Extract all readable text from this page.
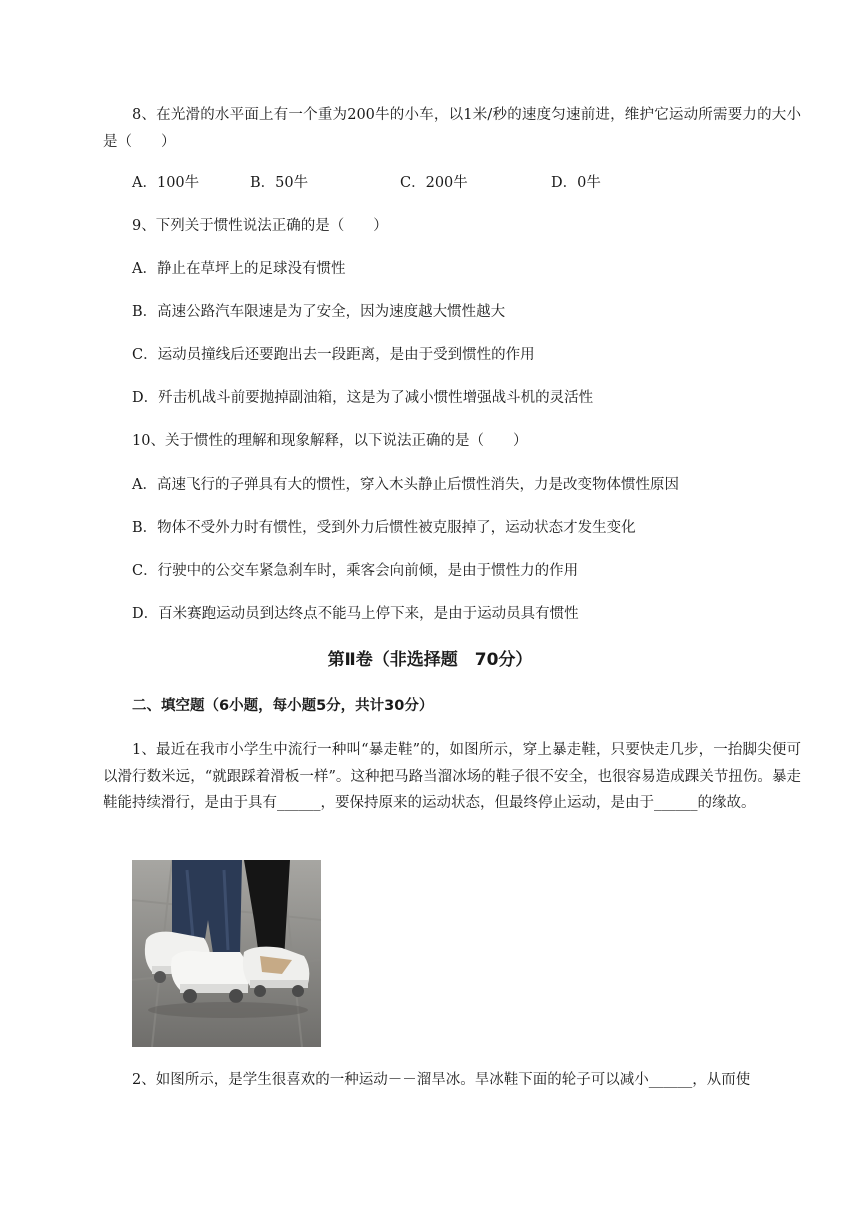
8、在光滑的水平面上有一个重为200牛的小车，以1米/秒的速度匀速前进，维护它运动所需要力的大小是（　　）
A．100牛	B．50牛	C．200牛	D．0牛
9、下列关于惯性说法正确的是（　　）
A．静止在草坪上的足球没有惯性
B．高速公路汽车限速是为了安全，因为速度越大惯性越大
C．运动员撞线后还要跑出去一段距离，是由于受到惯性的作用
D．歼击机战斗前要抛掉副油箱，这是为了减小惯性增强战斗机的灵活性
10、关于惯性的理解和现象解释，以下说法正确的是（　　）
A．高速飞行的子弹具有大的惯性，穿入木头静止后惯性消失，力是改变物体惯性原因
B．物体不受外力时有惯性，受到外力后惯性被克服掉了，运动状态才发生变化
C．行驶中的公交车紧急刹车时，乘客会向前倾，是由于惯性力的作用
D．百米赛跑运动员到达终点不能马上停下来，是由于运动员具有惯性
第Ⅱ卷（非选择题　70分）
二、填空题（6小题，每小题5分，共计30分）
1、最近在我市小学生中流行一种叫“暴走鞋”的，如图所示，穿上暴走鞋，只要快走几步，一抬脚尖便可以滑行数米远，“就跟踩着滑板一样”。这种把马路当溜冰场的鞋子很不安全，也很容易造成踝关节扭伤。暴走鞋能持续滑行，是由于具有______，要保持原来的运动状态，但最终停止运动，是由于______的缘故。
2、如图所示，是学生很喜欢的一种运动－－溜旱冰。旱冰鞋下面的轮子可以减小______，从而使
